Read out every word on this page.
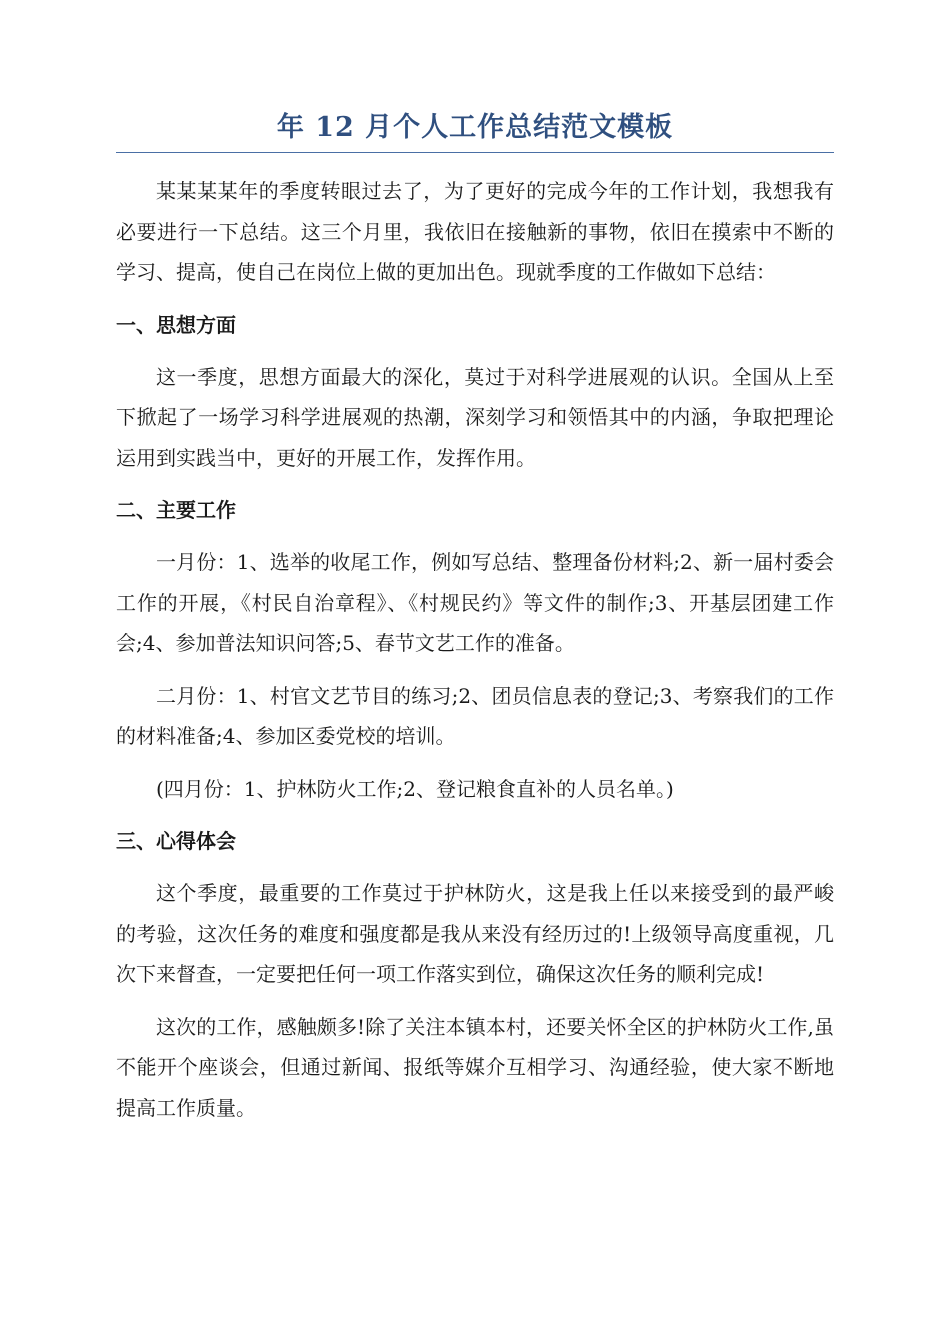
年 12 月个人工作总结范文模板

某某某某年的季度转眼过去了，为了更好的完成今年的工作计划，我想我有必要进行一下总结。这三个月里，我依旧在接触新的事物，依旧在摸索中不断的学习、提高，使自己在岗位上做的更加出色。现就季度的工作做如下总结：

一、思想方面

这一季度，思想方面最大的深化，莫过于对科学进展观的认识。全国从上至下掀起了一场学习科学进展观的热潮，深刻学习和领悟其中的内涵，争取把理论运用到实践当中，更好的开展工作，发挥作用。

二、主要工作

一月份：1、选举的收尾工作，例如写总结、整理备份材料;2、新一届村委会工作的开展，《村民自治章程》、《村规民约》等文件的制作;3、开基层团建工作会;4、参加普法知识问答;5、春节文艺工作的准备。

二月份：1、村官文艺节目的练习;2、团员信息表的登记;3、考察我们的工作的材料准备;4、参加区委党校的培训。

(四月份：1、护林防火工作;2、登记粮食直补的人员名单。)

三、心得体会

这个季度，最重要的工作莫过于护林防火，这是我上任以来接受到的最严峻的考验，这次任务的难度和强度都是我从来没有经历过的!上级领导高度重视，几次下来督查，一定要把任何一项工作落实到位，确保这次任务的顺利完成!

这次的工作，感触颇多!除了关注本镇本村，还要关怀全区的护林防火工作,虽不能开个座谈会，但通过新闻、报纸等媒介互相学习、沟通经验，使大家不断地提高工作质量。
